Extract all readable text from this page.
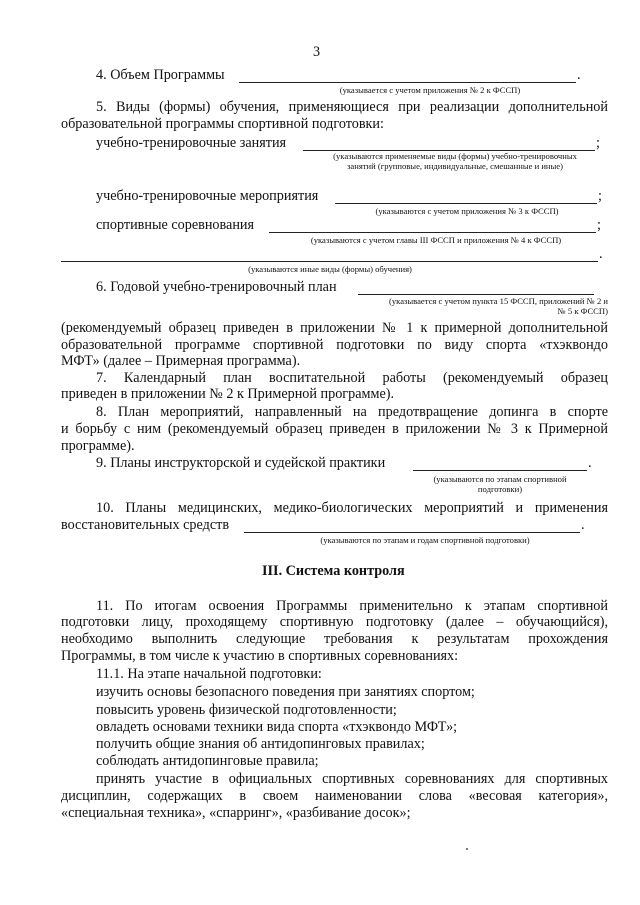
3
4. Объем Программы	.
(указывается с учетом приложения № 2 к ФССП)
5. Виды (формы) обучения, применяющиеся при реализации дополнительной
образовательной программы спортивной подготовки:
учебно-тренировочные занятия	;
(указываются применяемые виды (формы) учебно-тренировочных занятий (групповые, индивидуальные, смешанные и иные)
учебно-тренировочные мероприятия	;
(указываются с учетом приложения № 3 к ФССП)
спортивные соревнования	;
(указываются с учетом главы III ФССП и приложения № 4 к ФССП)
.
(указываются иные виды (формы) обучения)
6. Годовой учебно-тренировочный план
(указывается с учетом пункта 15 ФССП, приложений № 2 и № 5 к ФССП)
(рекомендуемый образец приведен в приложении № 1 к примерной дополнительной
образовательной программе спортивной подготовки по виду спорта «тхэквондо
МФТ» (далее – Примерная программа).
7. Календарный план воспитательной работы (рекомендуемый образец
приведен в приложении № 2 к Примерной программе).
8. План мероприятий, направленный на предотвращение допинга в спорте
и борьбу с ним (рекомендуемый образец приведен в приложении № 3 к Примерной
программе).
9. Планы инструкторской и судейской практики	.
(указываются по этапам спортивной подготовки)
10. Планы медицинских, медико-биологических мероприятий и применения
восстановительных средств	.
(указываются по этапам и годам спортивной подготовки)
III. Система контроля
11. По итогам освоения Программы применительно к этапам спортивной
подготовки лицу, проходящему спортивную подготовку (далее – обучающийся),
необходимо выполнить следующие требования к результатам прохождения
Программы, в том числе к участию в спортивных соревнованиях:
11.1. На этапе начальной подготовки:
изучить основы безопасного поведения при занятиях спортом;
повысить уровень физической подготовленности;
овладеть основами техники вида спорта «тхэквондо МФТ»;
получить общие знания об антидопинговых правилах;
соблюдать антидопинговые правила;
принять участие в официальных спортивных соревнованиях для спортивных
дисциплин, содержащих в своем наименовании слова «весовая категория»,
«специальная техника», «спарринг», «разбивание досок»;
